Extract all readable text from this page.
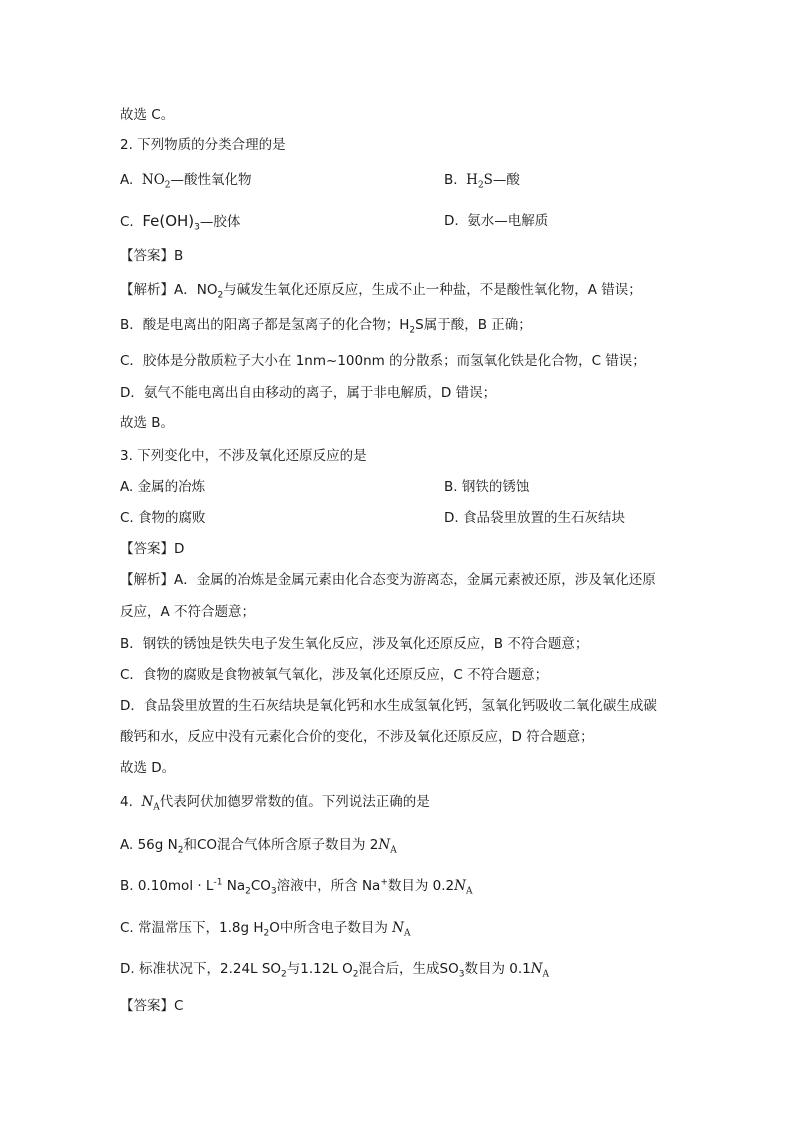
故选 C。
2. 下列物质的分类合理的是
A. $NO_2—$酸性氧化物	B. $H_2S—$酸
C. $Fe(OH)_3—$胶体	D. 氨水—电解质
【答案】B
【解析】A．$NO_2$与碱发生氧化还原反应，生成不止一种盐，不是酸性氧化物，A 错误；
B．酸是电离出的阳离子都是氢离子的化合物；$H_2S$属于酸，B 正确；
C．胶体是分散质粒子大小在 1nm~100nm 的分散系；而氢氧化铁是化合物，C 错误；
D．氨气不能电离出自由移动的离子，属于非电解质，D 错误；
故选 B。
3. 下列变化中，不涉及氧化还原反应的是
A. 金属的冶炼	B. 钢铁的锈蚀
C. 食物的腐败	D. 食品袋里放置的生石灰结块
【答案】D
【解析】A．金属的冶炼是金属元素由化合态变为游离态，金属元素被还原，涉及氧化还原
反应，A 不符合题意；
B．钢铁的锈蚀是铁失电子发生氧化反应，涉及氧化还原反应，B 不符合题意；
C．食物的腐败是食物被氧气氧化，涉及氧化还原反应，C 不符合题意；
D．食品袋里放置的生石灰结块是氧化钙和水生成氢氧化钙，氢氧化钙吸收二氧化碳生成碳
酸钙和水，反应中没有元素化合价的变化，不涉及氧化还原反应，D 符合题意；
故选 D。
4. $N_A$代表阿伏加德罗常数的值。下列说法正确的是
A. 56g $N_2$和CO混合气体所含原子数目为 $2N_A$
B. $0.10mol \cdot L^{-1}$ $Na_2CO_3$溶液中，所含 Na+数目为 $0.2N_A$
C. 常温常压下，1.8g $H_2O$中所含电子数目为 $N_A$
D. 标准状况下，2.24L $SO_2$与1.12L $O_2$混合后，生成$SO_3$数目为 $0.1N_A$
【答案】C
